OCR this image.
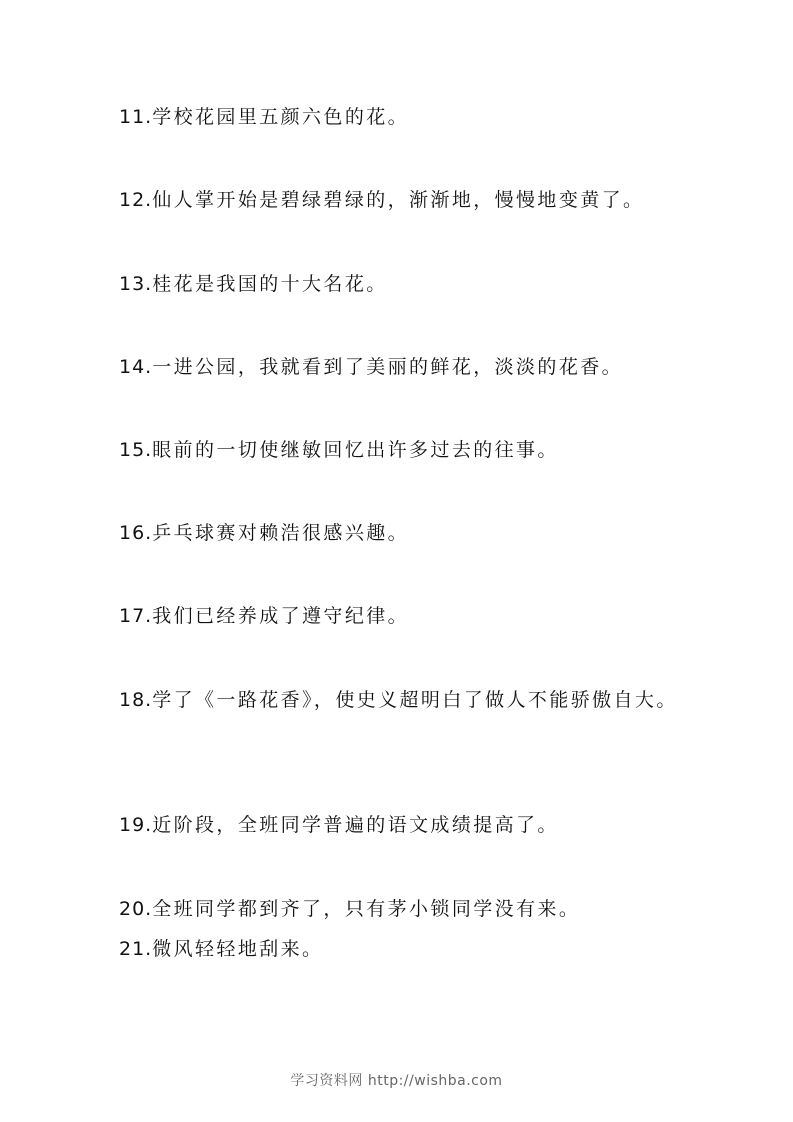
11.学校花园里五颜六色的花。
12.仙人掌开始是碧绿碧绿的，渐渐地，慢慢地变黄了。
13.桂花是我国的十大名花。
14.一进公园，我就看到了美丽的鲜花，淡淡的花香。
15.眼前的一切使继敏回忆出许多过去的往事。
16.乒乓球赛对赖浩很感兴趣。
17.我们已经养成了遵守纪律。
18.学了《一路花香》，使史义超明白了做人不能骄傲自大。
19.近阶段，全班同学普遍的语文成绩提高了。
20.全班同学都到齐了，只有茅小锁同学没有来。
21.微风轻轻地刮来。
学习资料网 http://wishba.com
